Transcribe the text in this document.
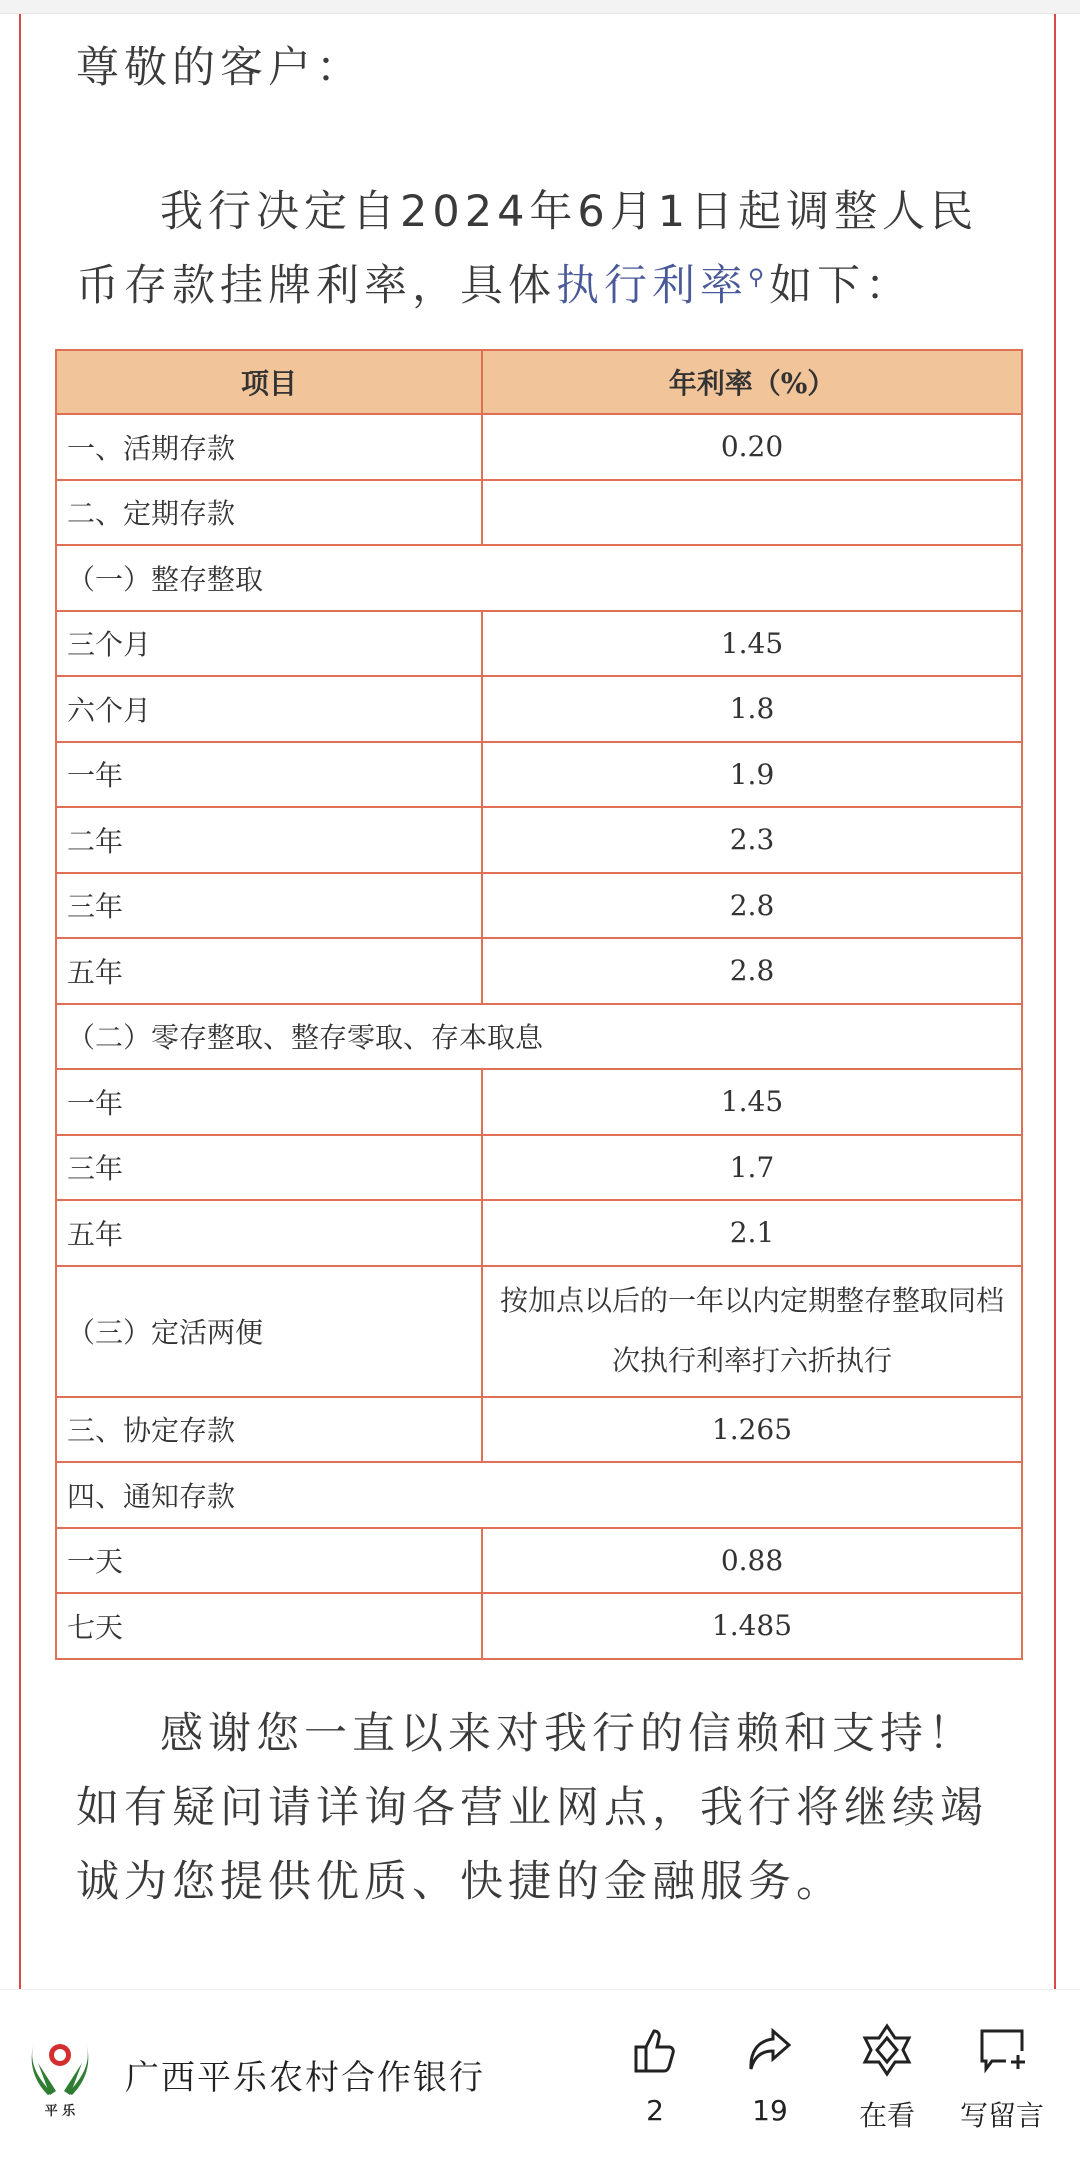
尊敬的客户：
我行决定自2024年6月1日起调整人民
币存款挂牌利率，具体执行利率⚲如下：
项目	年利率（%）
一、活期存款	0.20
二、定期存款	
（一）整存整取	
三个月	1.45
六个月	1.8
一年	1.9
二年	2.3
三年	2.8
五年	2.8
（二）零存整取、整存零取、存本取息	
一年	1.45
三年	1.7
五年	2.1
（三）定活两便	按加点以后的一年以内定期整存整取同档次执行利率打六折执行
三、协定存款	1.265
四、通知存款	
一天	0.88
七天	1.485
感谢您一直以来对我行的信赖和支持！
如有疑问请详询各营业网点，我行将继续竭
诚为您提供优质、快捷的金融服务。
平 乐
广西平乐农村合作银行
2	19	在看	写留言
